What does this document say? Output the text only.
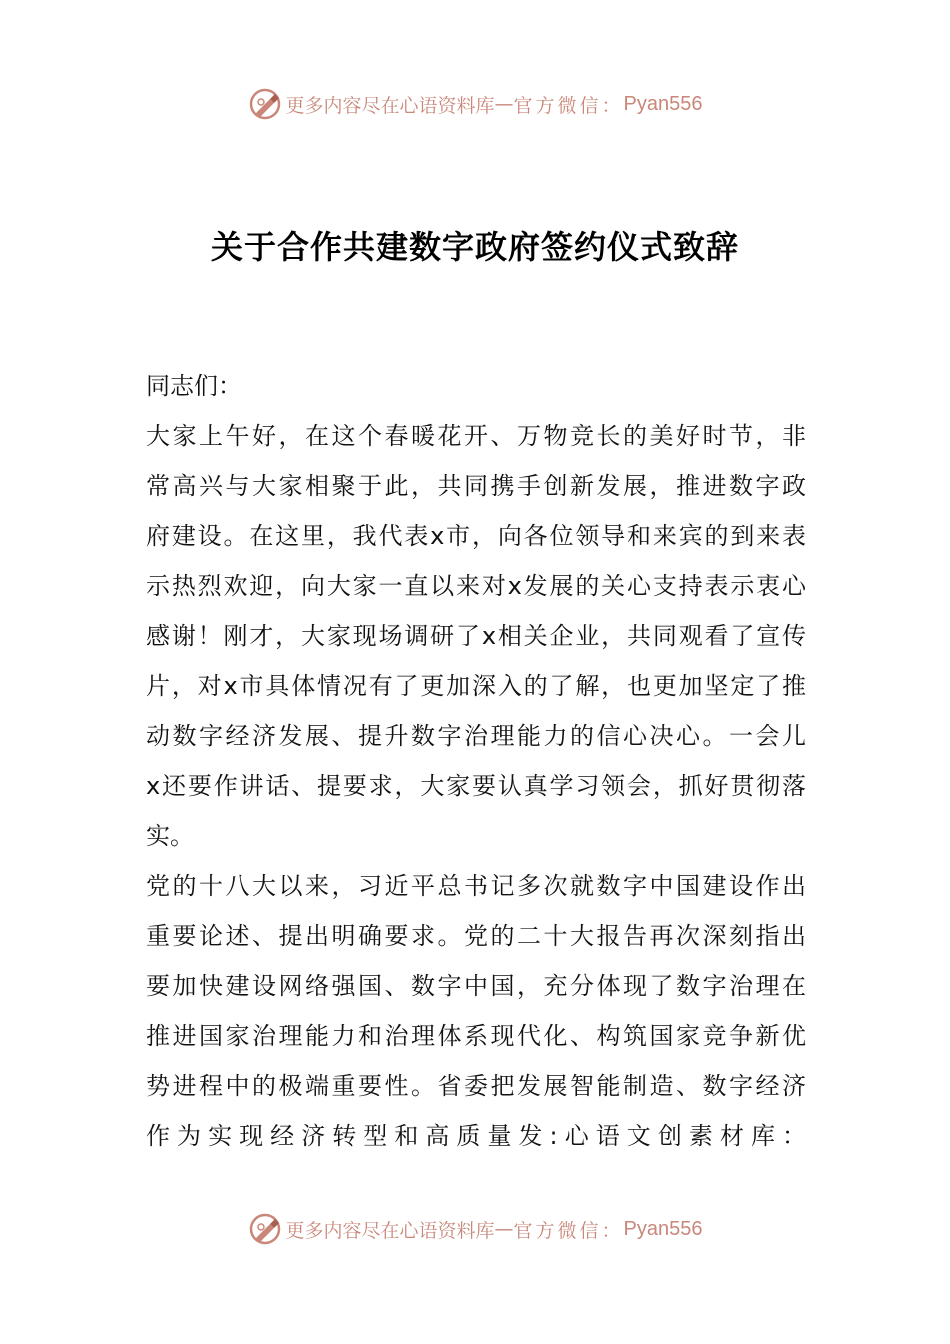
更多内容尽在心语资料库 — 官方微信： Pyan556
关于合作共建数字政府签约仪式致辞
同志们：
大家上午好，在这个春暖花开、万物竞长的美好时节，非
常高兴与大家相聚于此，共同携手创新发展，推进数字政
府建设。在这里，我代表x市，向各位领导和来宾的到来表
示热烈欢迎，向大家一直以来对x发展的关心支持表示衷心
感谢！刚才，大家现场调研了x相关企业，共同观看了宣传
片，对x市具体情况有了更加深入的了解，也更加坚定了推
动数字经济发展、提升数字治理能力的信心决心。一会儿
x还要作讲话、提要求，大家要认真学习领会，抓好贯彻落
实。
党的十八大以来，习近平总书记多次就数字中国建设作出
重要论述、提出明确要求。党的二十大报告再次深刻指出
要加快建设网络强国、数字中国，充分体现了数字治理在
推进国家治理能力和治理体系现代化、构筑国家竞争新优
势进程中的极端重要性。省委把发展智能制造、数字经济
作为实现经济转型和高质量发:心语文创素材库：
更多内容尽在心语资料库 — 官方微信： Pyan556
